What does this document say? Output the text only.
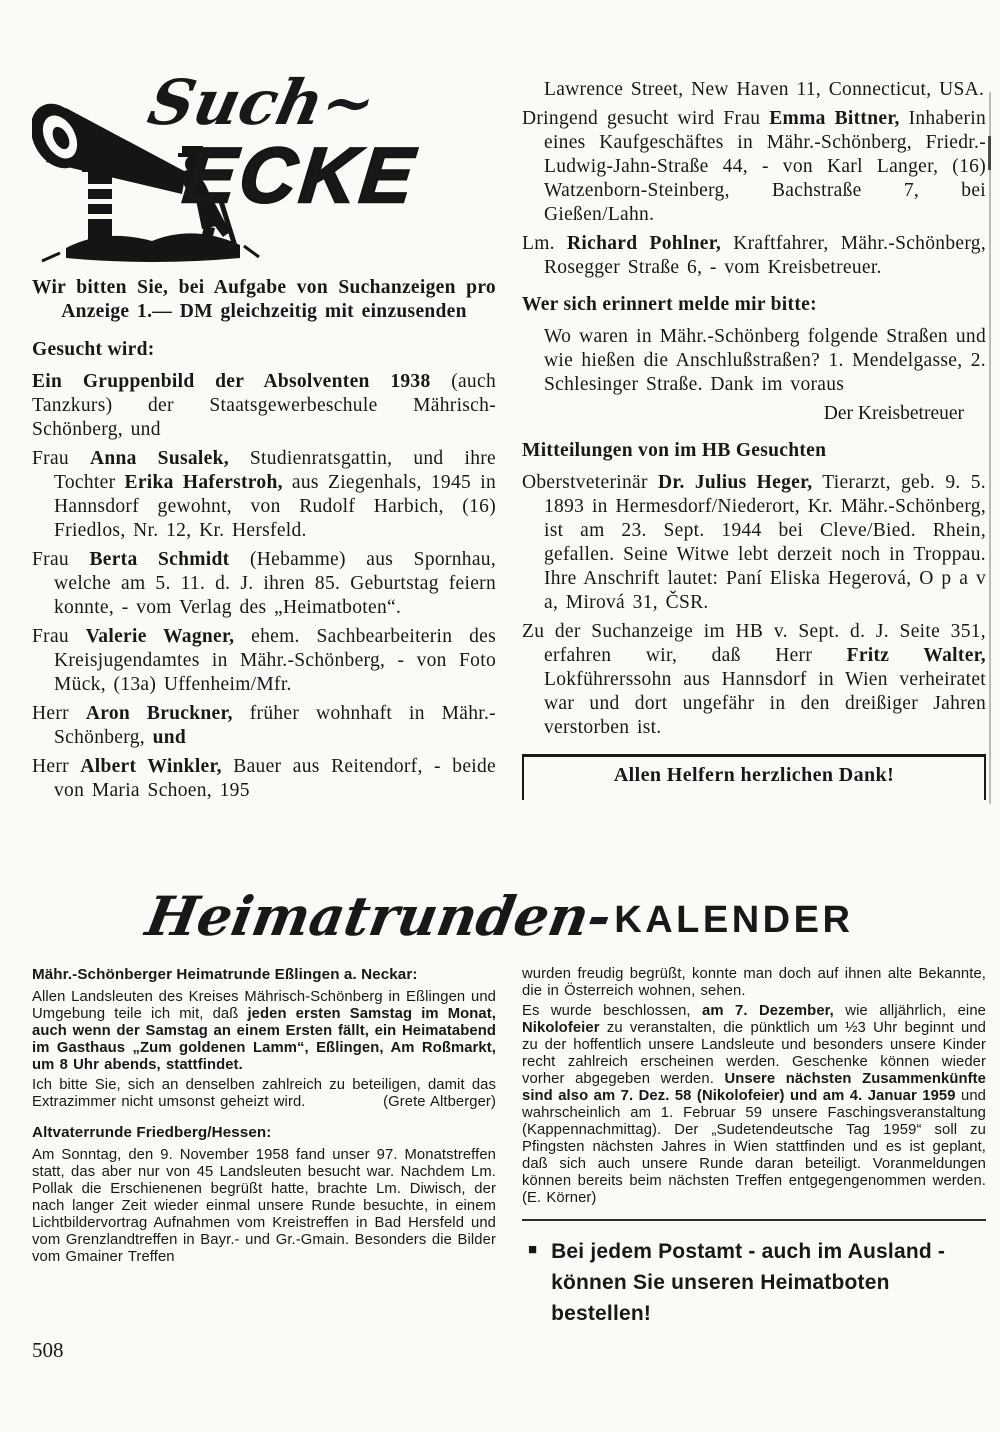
Such~
ECKE
Wir bitten Sie, bei Aufgabe von Suchanzeigen pro Anzeige 1.— DM gleichzeitig mit einzusenden
Gesucht wird:

Ein Gruppenbild der Absolventen 1938 (auch Tanzkurs) der Staatsgewerbeschule Mährisch-Schönberg, und

Frau Anna Susalek, Studienratsgattin, und ihre Tochter Erika Haferstroh, aus Ziegenhals, 1945 in Hannsdorf gewohnt, von Rudolf Harbich, (16) Friedlos, Nr. 12, Kr. Hersfeld.

Frau Berta Schmidt (Hebamme) aus Spornhau, welche am 5. 11. d. J. ihren 85. Geburtstag feiern konnte, - vom Verlag des „Heimatboten“.

Frau Valerie Wagner, ehem. Sachbearbeiterin des Kreisjugendamtes in Mähr.-Schönberg, - von Foto Mück, (13a) Uffenheim/Mfr.

Herr Aron Bruckner, früher wohnhaft in Mähr.-Schönberg, und

Herr Albert Winkler, Bauer aus Reitendorf, - beide von Maria Schoen, 195

Lawrence Street, New Haven 11, Connecticut, USA.

Dringend gesucht wird Frau Emma Bittner, Inhaberin eines Kaufgeschäftes in Mähr.-Schönberg, Friedr.-Ludwig-Jahn-Straße 44, - von Karl Langer, (16) Watzenborn-Steinberg, Bachstraße 7, bei Gießen/Lahn.

Lm. Richard Pohlner, Kraftfahrer, Mähr.-Schönberg, Rosegger Straße 6, - vom Kreisbetreuer.

Wer sich erinnert melde mir bitte:

Wo waren in Mähr.-Schönberg folgende Straßen und wie hießen die Anschlußstraßen? 1. Mendelgasse, 2. Schlesinger Straße. Dank im voraus

Der Kreisbetreuer
Mitteilungen von im HB Gesuchten

Oberstveterinär Dr. Julius Heger, Tierarzt, geb. 9. 5. 1893 in Hermesdorf/Niederort, Kr. Mähr.-Schönberg, ist am 23. Sept. 1944 bei Cleve/Bied. Rhein, gefallen. Seine Witwe lebt derzeit noch in Troppau. Ihre Anschrift lautet: Paní Eliska Hegerová, O p a v a, Mirová 31, ČSR.

Zu der Suchanzeige im HB v. Sept. d. J. Seite 351, erfahren wir, daß Herr Fritz Walter, Lokführerssohn aus Hannsdorf in Wien verheiratet war und dort ungefähr in den dreißiger Jahren verstorben ist.

Allen Helfern herzlichen Dank!
Heimatrunden- KALENDER
Mähr.-Schönberger Heimatrunde Eßlingen a. Neckar:

Allen Landsleuten des Kreises Mährisch-Schönberg in Eßlingen und Umgebung teile ich mit, daß jeden ersten Samstag im Monat, auch wenn der Samstag an einem Ersten fällt, ein Heimatabend im Gasthaus „Zum goldenen Lamm“, Eßlingen, Am Roßmarkt, um 8 Uhr abends, stattfindet.

Ich bitte Sie, sich an denselben zahlreich zu beteiligen, damit das Extrazimmer nicht umsonst geheizt wird.	(Grete Altberger)

Altvaterrunde Friedberg/Hessen:

Am Sonntag, den 9. November 1958 fand unser 97. Monatstreffen statt, das aber nur von 45 Landsleuten besucht war. Nachdem Lm. Pollak die Erschienenen begrüßt hatte, brachte Lm. Diwisch, der nach langer Zeit wieder einmal unsere Runde besuchte, in einem Lichtbildervortrag Aufnahmen vom Kreistreffen in Bad Hersfeld und vom Grenzlandtreffen in Bayr.- und Gr.-Gmain. Besonders die Bilder vom Gmainer Treffen

wurden freudig begrüßt, konnte man doch auf ihnen alte Bekannte, die in Österreich wohnen, sehen.

Es wurde beschlossen, am 7. Dezember, wie alljährlich, eine Nikolofeier zu veranstalten, die pünktlich um ½3 Uhr beginnt und zu der hoffentlich unsere Landsleute und besonders unsere Kinder recht zahlreich erscheinen werden. Geschenke können wieder vorher abgegeben werden. Unsere nächsten Zusammenkünfte sind also am 7. Dez. 58 (Nikolofeier) und am 4. Januar 1959 und wahrscheinlich am 1. Februar 59 unsere Faschingsveranstaltung (Kappennachmittag). Der „Sudetendeutsche Tag 1959“ soll zu Pfingsten nächsten Jahres in Wien stattfinden und es ist geplant, daß sich auch unsere Runde daran beteiligt. Voranmeldungen können bereits beim nächsten Treffen entgegengenommen werden. (E. Körner)

■ Bei jedem Postamt - auch im Ausland -
können Sie unseren Heimatboten bestellen!
508
